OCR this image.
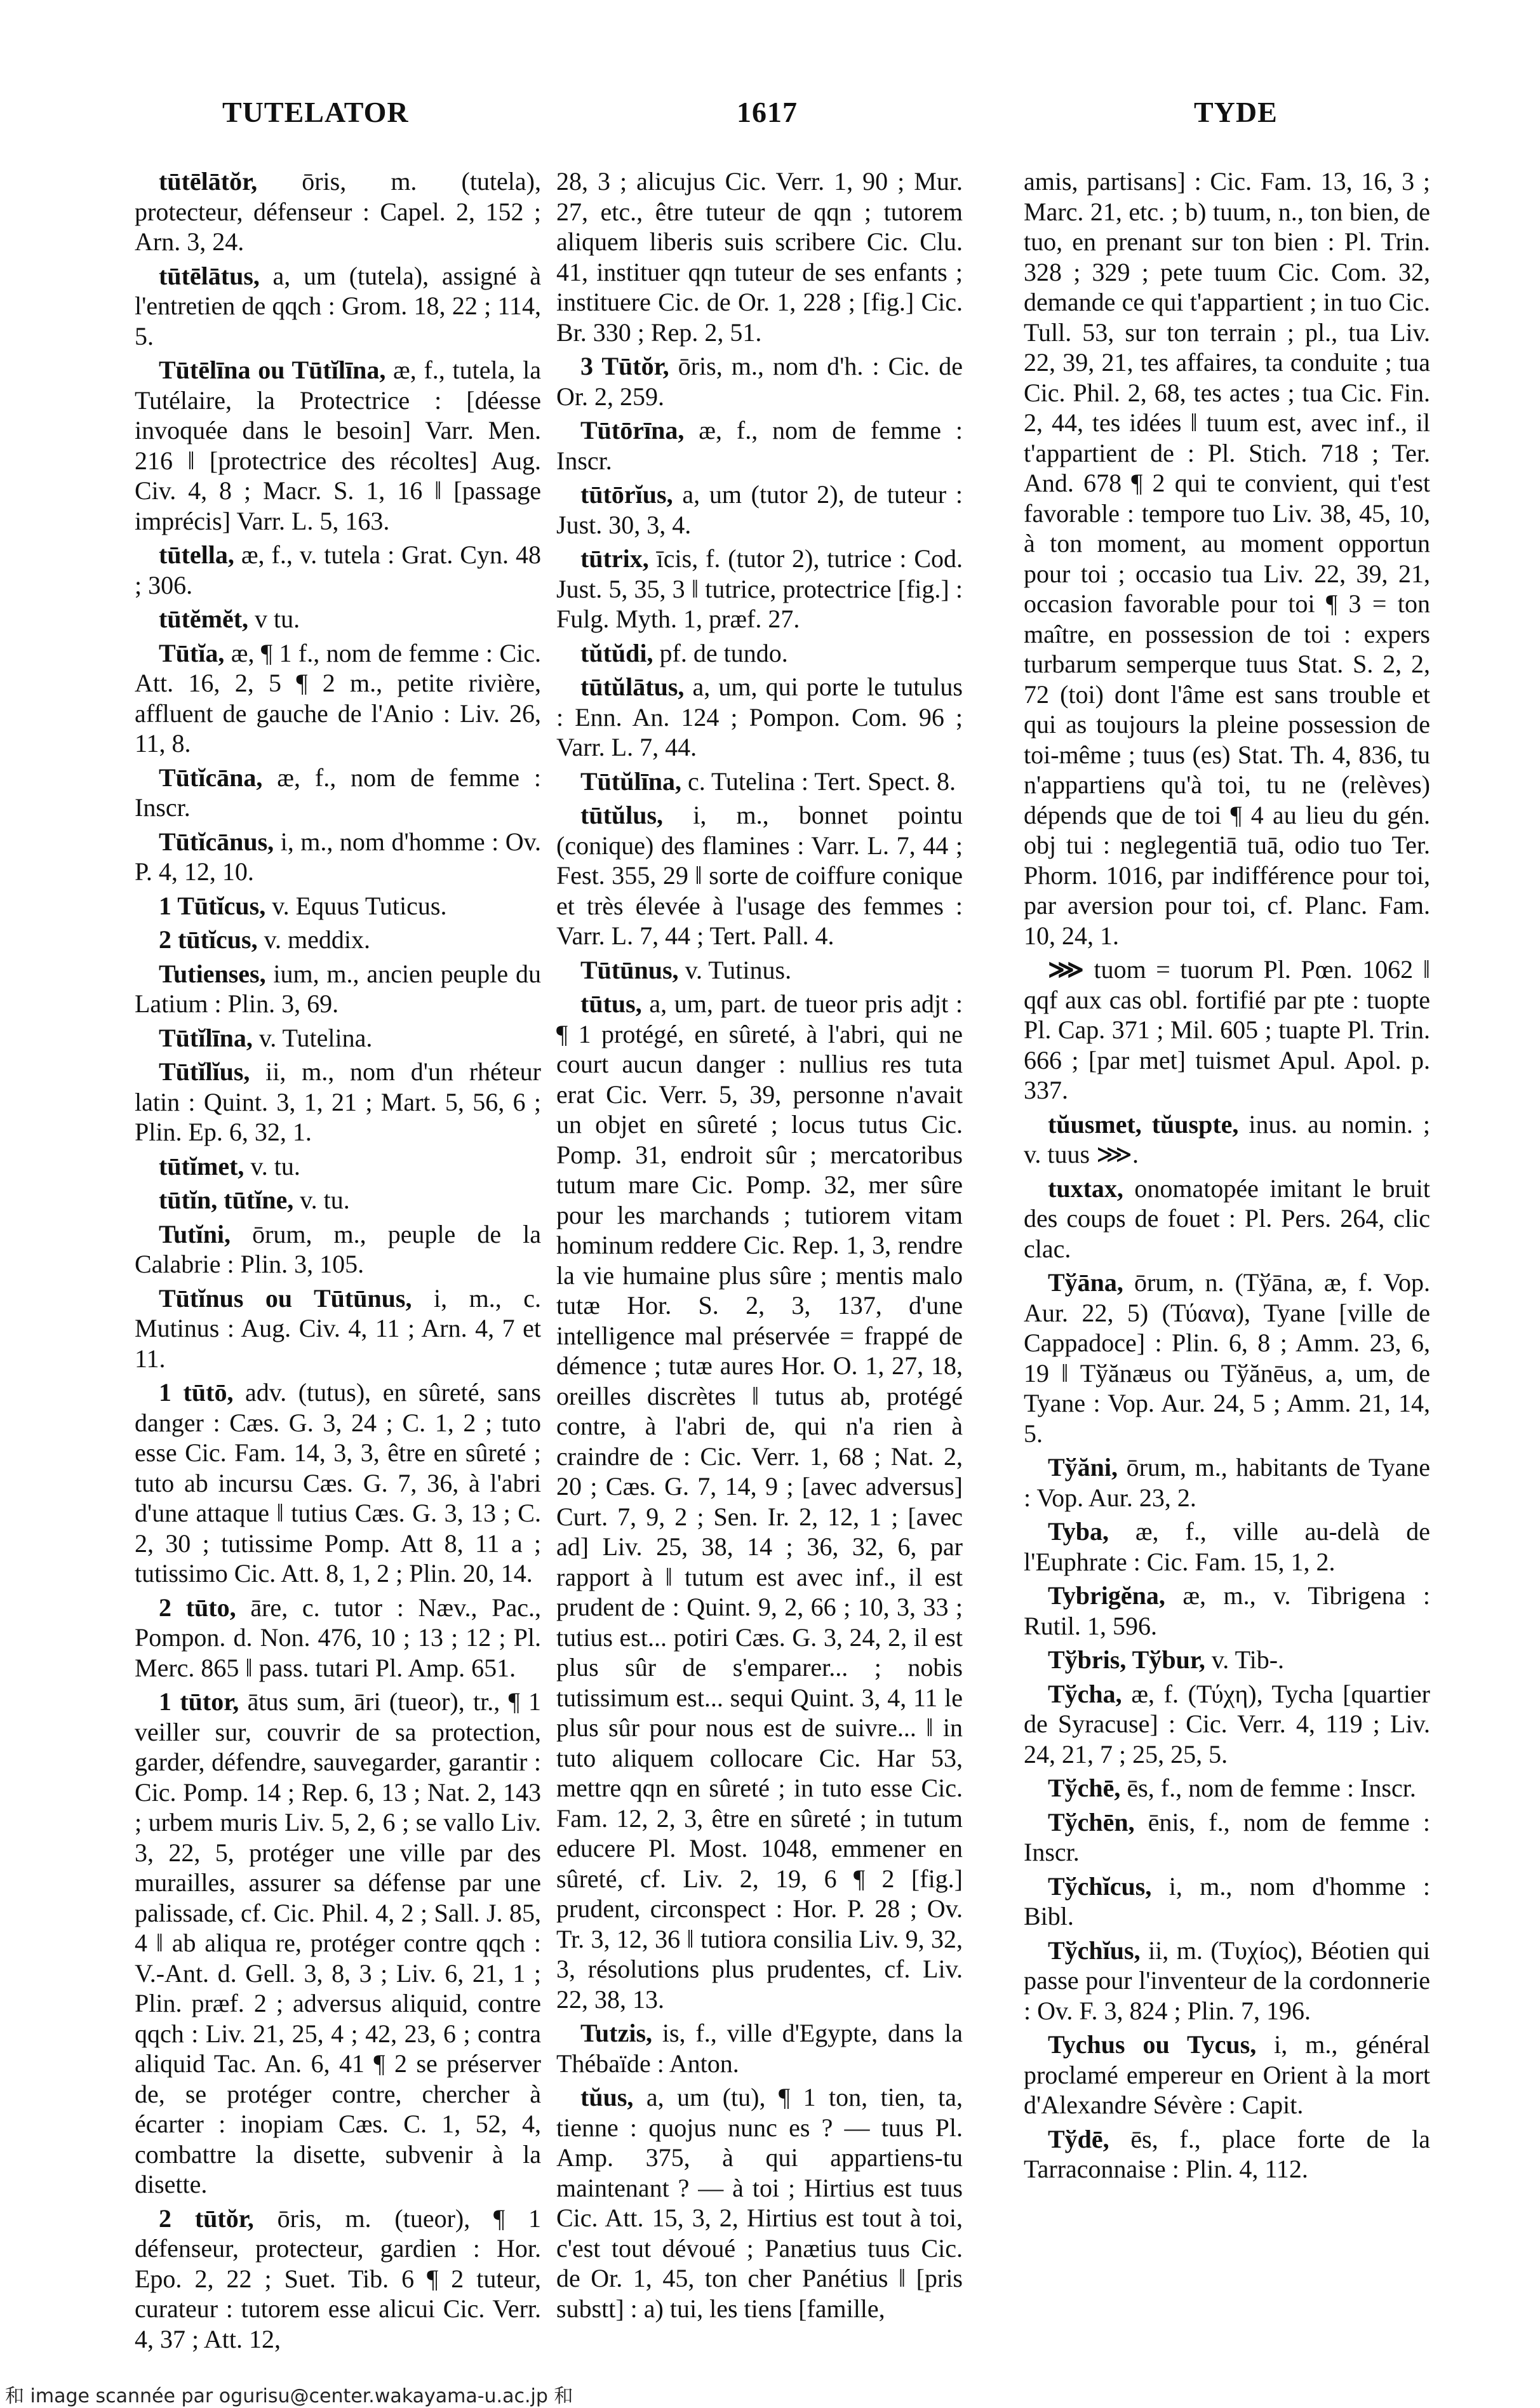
TUTELATOR	1617	TYDE

tūtēlātŏr, ōris, m. (tutela), protecteur, défenseur : Capel. 2, 152 ; Arn. 3, 24.

tūtēlātus, a, um (tutela), assigné à l'entretien de qqch : Grom. 18, 22 ; 114, 5.

Tūtēlīna ou Tūtĭlīna, æ, f., tutela, la Tutélaire, la Protectrice : [déesse invoquée dans le besoin] Varr. Men. 216 ‖ [protectrice des récoltes] Aug. Civ. 4, 8 ; Macr. S. 1, 16 ‖ [passage imprécis] Varr. L. 5, 163.

tūtella, æ, f., v. tutela : Grat. Cyn. 48 ; 306.

tūtĕmĕt, v tu.

Tūtĭa, æ, ¶ 1 f., nom de femme : Cic. Att. 16, 2, 5 ¶ 2 m., petite rivière, affluent de gauche de l'Anio : Liv. 26, 11, 8.

Tūtĭcāna, æ, f., nom de femme : Inscr.

Tūtĭcānus, i, m., nom d'homme : Ov. P. 4, 12, 10.

1 Tūtĭcus, v. Equus Tuticus.

2 tūtĭcus, v. meddix.

Tutienses, ium, m., ancien peuple du Latium : Plin. 3, 69.

Tūtĭlīna, v. Tutelina.

Tūtĭlĭus, ii, m., nom d'un rhéteur latin : Quint. 3, 1, 21 ; Mart. 5, 56, 6 ; Plin. Ep. 6, 32, 1.

tūtĭmet, v. tu.

tūtĭn, tūtĭne, v. tu.

Tutĭni, ōrum, m., peuple de la Calabrie : Plin. 3, 105.

Tūtĭnus ou Tūtūnus, i, m., c. Mutinus : Aug. Civ. 4, 11 ; Arn. 4, 7 et 11.

1 tūtō, adv. (tutus), en sûreté, sans danger : Cæs. G. 3, 24 ; C. 1, 2 ; tuto esse Cic. Fam. 14, 3, 3, être en sûreté ; tuto ab incursu Cæs. G. 7, 36, à l'abri d'une attaque ‖ tutius Cæs. G. 3, 13 ; C. 2, 30 ; tutissime Pomp. Att 8, 11 a ; tutissimo Cic. Att. 8, 1, 2 ; Plin. 20, 14.

2 tūto, āre, c. tutor : Næv., Pac., Pompon. d. Non. 476, 10 ; 13 ; 12 ; Pl. Merc. 865 ‖ pass. tutari Pl. Amp. 651.

1 tūtor, ātus sum, āri (tueor), tr., ¶ 1 veiller sur, couvrir de sa protection, garder, défendre, sauvegarder, garantir : Cic. Pomp. 14 ; Rep. 6, 13 ; Nat. 2, 143 ; urbem muris Liv. 5, 2, 6 ; se vallo Liv. 3, 22, 5, protéger une ville par des murailles, assurer sa défense par une palissade, cf. Cic. Phil. 4, 2 ; Sall. J. 85, 4 ‖ ab aliqua re, protéger contre qqch : V.-Ant. d. Gell. 3, 8, 3 ; Liv. 6, 21, 1 ; Plin. præf. 2 ; adversus aliquid, contre qqch : Liv. 21, 25, 4 ; 42, 23, 6 ; contra aliquid Tac. An. 6, 41 ¶ 2 se préserver de, se protéger contre, chercher à écarter : inopiam Cæs. C. 1, 52, 4, combattre la disette, subvenir à la disette.

2 tūtŏr, ōris, m. (tueor), ¶ 1 défenseur, protecteur, gardien : Hor. Epo. 2, 22 ; Suet. Tib. 6 ¶ 2 tuteur, curateur : tutorem esse alicui Cic. Verr. 4, 37 ; Att. 12,

28, 3 ; alicujus Cic. Verr. 1, 90 ; Mur. 27, etc., être tuteur de qqn ; tutorem aliquem liberis suis scribere Cic. Clu. 41, instituer qqn tuteur de ses enfants ; instituere Cic. de Or. 1, 228 ; [fig.] Cic. Br. 330 ; Rep. 2, 51.

3 Tūtŏr, ōris, m., nom d'h. : Cic. de Or. 2, 259.

Tūtōrīna, æ, f., nom de femme : Inscr.

tūtōrĭus, a, um (tutor 2), de tuteur : Just. 30, 3, 4.

tūtrix, īcis, f. (tutor 2), tutrice : Cod. Just. 5, 35, 3 ‖ tutrice, protectrice [fig.] : Fulg. Myth. 1, præf. 27.

tŭtŭdi, pf. de tundo.

tūtŭlātus, a, um, qui porte le tutulus : Enn. An. 124 ; Pompon. Com. 96 ; Varr. L. 7, 44.

Tūtŭlīna, c. Tutelina : Tert. Spect. 8.

tūtŭlus, i, m., bonnet pointu (conique) des flamines : Varr. L. 7, 44 ; Fest. 355, 29 ‖ sorte de coiffure conique et très élevée à l'usage des femmes : Varr. L. 7, 44 ; Tert. Pall. 4.

Tūtūnus, v. Tutinus.

tūtus, a, um, part. de tueor pris adjt : ¶ 1 protégé, en sûreté, à l'abri, qui ne court aucun danger : nullius res tuta erat Cic. Verr. 5, 39, personne n'avait un objet en sûreté ; locus tutus Cic. Pomp. 31, endroit sûr ; mercatoribus tutum mare Cic. Pomp. 32, mer sûre pour les marchands ; tutiorem vitam hominum reddere Cic. Rep. 1, 3, rendre la vie humaine plus sûre ; mentis malo tutæ Hor. S. 2, 3, 137, d'une intelligence mal préservée = frappé de démence ; tutæ aures Hor. O. 1, 27, 18, oreilles discrètes ‖ tutus ab, protégé contre, à l'abri de, qui n'a rien à craindre de : Cic. Verr. 1, 68 ; Nat. 2, 20 ; Cæs. G. 7, 14, 9 ; [avec adversus] Curt. 7, 9, 2 ; Sen. Ir. 2, 12, 1 ; [avec ad] Liv. 25, 38, 14 ; 36, 32, 6, par rapport à ‖ tutum est avec inf., il est prudent de : Quint. 9, 2, 66 ; 10, 3, 33 ; tutius est... potiri Cæs. G. 3, 24, 2, il est plus sûr de s'emparer... ; nobis tutissimum est... sequi Quint. 3, 4, 11 le plus sûr pour nous est de suivre... ‖ in tuto aliquem collocare Cic. Har 53, mettre qqn en sûreté ; in tuto esse Cic. Fam. 12, 2, 3, être en sûreté ; in tutum educere Pl. Most. 1048, emmener en sûreté, cf. Liv. 2, 19, 6 ¶ 2 [fig.] prudent, circonspect : Hor. P. 28 ; Ov. Tr. 3, 12, 36 ‖ tutiora consilia Liv. 9, 32, 3, résolutions plus prudentes, cf. Liv. 22, 38, 13.

Tutzis, is, f., ville d'Egypte, dans la Thébaïde : Anton.

tŭus, a, um (tu), ¶ 1 ton, tien, ta, tienne : quojus nunc es ? — tuus Pl. Amp. 375, à qui appartiens-tu maintenant ? — à toi ; Hirtius est tuus Cic. Att. 15, 3, 2, Hirtius est tout à toi, c'est tout dévoué ; Panætius tuus Cic. de Or. 1, 45, ton cher Panétius ‖ [pris substt] : a) tui, les tiens [famille,

amis, partisans] : Cic. Fam. 13, 16, 3 ; Marc. 21, etc. ; b) tuum, n., ton bien, de tuo, en prenant sur ton bien : Pl. Trin. 328 ; 329 ; pete tuum Cic. Com. 32, demande ce qui t'appartient ; in tuo Cic. Tull. 53, sur ton terrain ; pl., tua Liv. 22, 39, 21, tes affaires, ta conduite ; tua Cic. Phil. 2, 68, tes actes ; tua Cic. Fin. 2, 44, tes idées ‖ tuum est, avec inf., il t'appartient de : Pl. Stich. 718 ; Ter. And. 678 ¶ 2 qui te convient, qui t'est favorable : tempore tuo Liv. 38, 45, 10, à ton moment, au moment opportun pour toi ; occasio tua Liv. 22, 39, 21, occasion favorable pour toi ¶ 3 = ton maître, en possession de toi : expers turbarum semperque tuus Stat. S. 2, 2, 72 (toi) dont l'âme est sans trouble et qui as toujours la pleine possession de toi-même ; tuus (es) Stat. Th. 4, 836, tu n'appartiens qu'à toi, tu ne (relèves) dépends que de toi ¶ 4 au lieu du gén. obj tui : neglegentiā tuā, odio tuo Ter. Phorm. 1016, par indifférence pour toi, par aversion pour toi, cf. Planc. Fam. 10, 24, 1.

⋙ tuom = tuorum Pl. Pœn. 1062 ‖ qqf aux cas obl. fortifié par pte : tuopte Pl. Cap. 371 ; Mil. 605 ; tuapte Pl. Trin. 666 ; [par met] tuismet Apul. Apol. p. 337.

tŭusmet, tŭuspte, inus. au nomin. ; v. tuus ⋙.

tuxtax, onomatopée imitant le bruit des coups de fouet : Pl. Pers. 264, clic clac.

Tўāna, ōrum, n. (Tўāna, æ, f. Vop. Aur. 22, 5) (Τύανα), Tyane [ville de Cappadoce] : Plin. 6, 8 ; Amm. 23, 6, 19 ‖ Tўănæus ou Tўănēus, a, um, de Tyane : Vop. Aur. 24, 5 ; Amm. 21, 14, 5.

Tўăni, ōrum, m., habitants de Tyane : Vop. Aur. 23, 2.

Tyba, æ, f., ville au-delà de l'Euphrate : Cic. Fam. 15, 1, 2.

Tybrigĕna, æ, m., v. Tibrigena : Rutil. 1, 596.

Tўbris, Tўbur, v. Tib-.

Tўcha, æ, f. (Τύχη), Tycha [quartier de Syracuse] : Cic. Verr. 4, 119 ; Liv. 24, 21, 7 ; 25, 25, 5.

Tўchē, ēs, f., nom de femme : Inscr.

Tўchēn, ēnis, f., nom de femme : Inscr.

Tўchĭcus, i, m., nom d'homme : Bibl.

Tўchĭus, ii, m. (Τυχίος), Béotien qui passe pour l'inventeur de la cordonnerie : Ov. F. 3, 824 ; Plin. 7, 196.

Tychus ou Tycus, i, m., général proclamé empereur en Orient à la mort d'Alexandre Sévère : Capit.

Tўdē, ēs, f., place forte de la Tarraconnaise : Plin. 4, 112.

和 image scannée par ogurisu@center.wakayama-u.ac.jp 和
